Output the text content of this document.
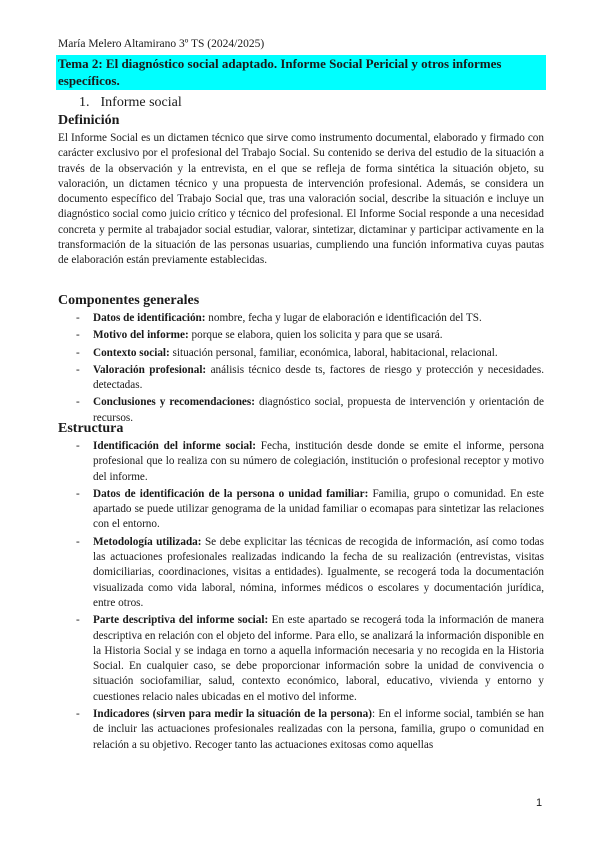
María Melero Altamirano 3º TS (2024/2025)
Tema 2: El diagnóstico social adaptado. Informe Social Pericial y otros informes específicos.
1. Informe social
Definición

El Informe Social es un dictamen técnico que sirve como instrumento documental, elaborado y firmado con carácter exclusivo por el profesional del Trabajo Social. Su contenido se deriva del estudio de la situación a través de la observación y la entrevista, en el que se refleja de forma sintética la situación objeto, su valoración, un dictamen técnico y una propuesta de intervención profesional. Además, se considera un documento específico del Trabajo Social que, tras una valoración social, describe la situación e incluye un diagnóstico social como juicio crítico y técnico del profesional. El Informe Social responde a una necesidad concreta y permite al trabajador social estudiar, valorar, sintetizar, dictaminar y participar activamente en la transformación de la situación de las personas usuarias, cumpliendo una función informativa cuyas pautas de elaboración están previamente establecidas.

Componentes generales
- Datos de identificación: nombre, fecha y lugar de elaboración e identificación del TS.
- Motivo del informe: porque se elabora, quien los solicita y para que se usará.
- Contexto social: situación personal, familiar, económica, laboral, habitacional, relacional.
- Valoración profesional: análisis técnico desde ts, factores de riesgo y protección y necesidades. detectadas.
- Conclusiones y recomendaciones: diagnóstico social, propuesta de intervención y orientación de recursos.
Estructura
- Identificación del informe social: Fecha, institución desde donde se emite el informe, persona profesional que lo realiza con su número de colegiación, institución o profesional receptor y motivo del informe.
- Datos de identificación de la persona o unidad familiar: Familia, grupo o comunidad. En este apartado se puede utilizar genograma de la unidad familiar o ecomapas para sintetizar las relaciones con el entorno.
- Metodología utilizada: Se debe explicitar las técnicas de recogida de información, así como todas las actuaciones profesionales realizadas indicando la fecha de su realización (entrevistas, visitas domiciliarias, coordinaciones, visitas a entidades). Igualmente, se recogerá toda la documentación visualizada como vida laboral, nómina, informes médicos o escolares y documentación jurídica, entre otros.
- Parte descriptiva del informe social: En este apartado se recogerá toda la información de manera descriptiva en relación con el objeto del informe. Para ello, se analizará la información disponible en la Historia Social y se indaga en torno a aquella información necesaria y no recogida en la Historia Social. En cualquier caso, se debe proporcionar información sobre la unidad de convivencia o situación sociofamiliar, salud, contexto económico, laboral, educativo, vivienda y entorno y cuestiones relacio nales ubicadas en el motivo del informe.
- Indicadores (sirven para medir la situación de la persona): En el informe social, también se han de incluir las actuaciones profesionales realizadas con la persona, familia, grupo o comunidad en relación a su objetivo. Recoger tanto las actuaciones exitosas como aquellas
1
